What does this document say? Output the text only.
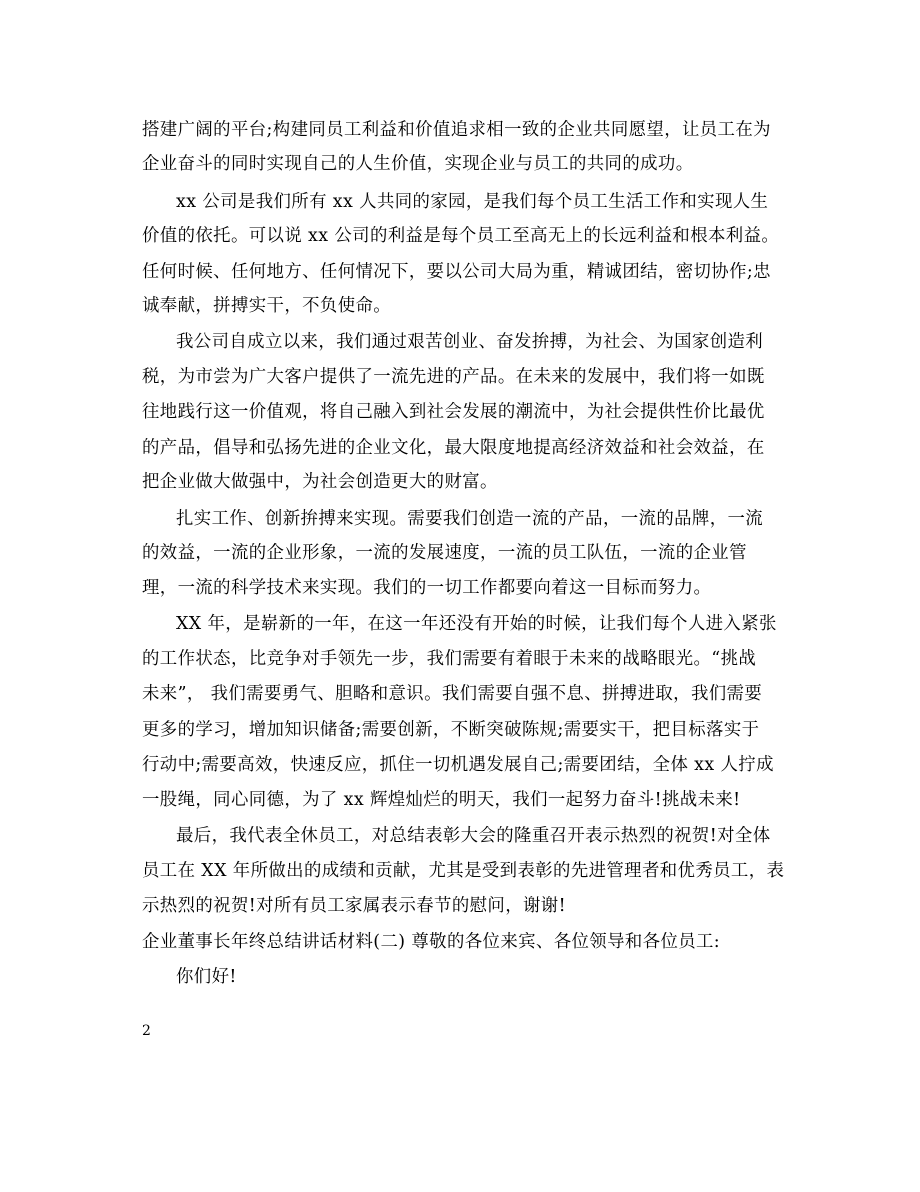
搭建广阔的平台;构建同员工利益和价值追求相一致的企业共同愿望，让员工在为
企业奋斗的同时实现自己的人生价值，实现企业与员工的共同的成功。
xx 公司是我们所有 xx 人共同的家园，是我们每个员工生活工作和实现人生
价值的依托。可以说 xx 公司的利益是每个员工至高无上的长远利益和根本利益。
任何时候、任何地方、任何情况下，要以公司大局为重，精诚团结，密切协作;忠
诚奉献，拼搏实干，不负使命。
我公司自成立以来，我们通过艰苦创业、奋发拚搏，为社会、为国家创造利
税，为市尝为广大客户提供了一流先进的产品。在未来的发展中，我们将一如既
往地践行这一价值观，将自己融入到社会发展的潮流中，为社会提供性价比最优
的产品，倡导和弘扬先进的企业文化，最大限度地提高经济效益和社会效益，在
把企业做大做强中，为社会创造更大的财富。
扎实工作、创新拚搏来实现。需要我们创造一流的产品，一流的品牌，一流
的效益，一流的企业形象，一流的发展速度，一流的员工队伍，一流的企业管
理，一流的科学技术来实现。我们的一切工作都要向着这一目标而努力。
XX 年，是崭新的一年，在这一年还没有开始的时候，让我们每个人进入紧张
的工作状态，比竞争对手领先一步，我们需要有着眼于未来的战略眼光。“挑战
未来”， 我们需要勇气、胆略和意识。我们需要自强不息、拼搏进取，我们需要
更多的学习，增加知识储备;需要创新，不断突破陈规;需要实干，把目标落实于
行动中;需要高效，快速反应，抓住一切机遇发展自己;需要团结，全体 xx 人拧成
一股绳，同心同德，为了 xx 辉煌灿烂的明天，我们一起努力奋斗!挑战未来!
最后，我代表全休员工，对总结表彰大会的隆重召开表示热烈的祝贺!对全体
员工在 XX 年所做出的成绩和贡献，尤其是受到表彰的先进管理者和优秀员工，表
示热烈的祝贺!对所有员工家属表示春节的慰问，谢谢!
企业董事长年终总结讲话材料(二) 尊敬的各位来宾、各位领导和各位员工:
你们好!
2
